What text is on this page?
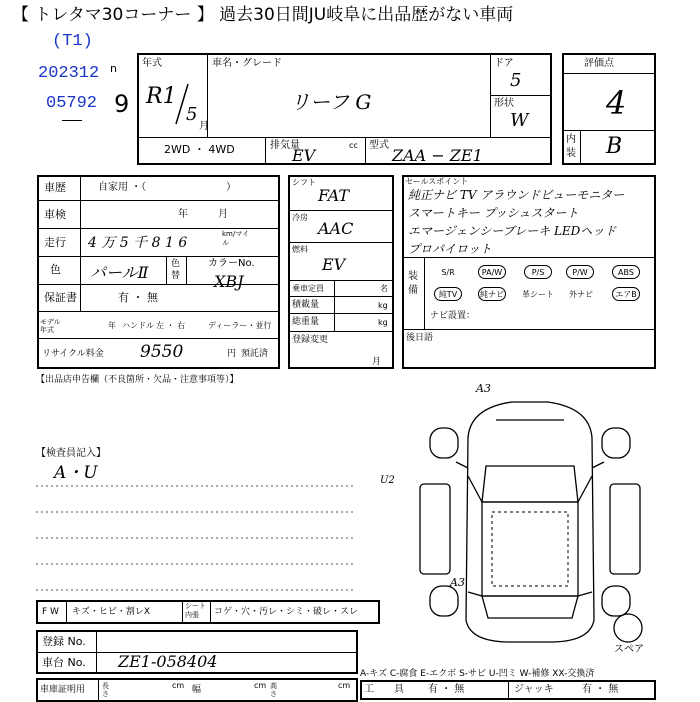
【 トレタマ30コーナー 】 過去30日間JU岐阜に出品歴がない車両
(T1)
202312 n
05792 9
年式
R1
5
月
車名・グレード
リーフ G
ドア
5
形状
W
2WD ・ 4WD	排気量	cc
EV
型式
ZAA − ZE1
評価点
4
内装 B
車歴	自家用 ・（　　　　　　　　）
車検	年　　　月
走行 4 万 5 千 8 1 6
km/マイル
色 パールⅡ 色替
カラーNo.
XBJ
保証書	有 ・ 無
モデル年式	年 ハンドル 左 ・ 右	ディーラー・並行
リサイクル料金 9550	円 預託済
シフト
FAT
冷房
AAC
燃料
EV
乗車定員	名
積載量	kg
総重量	kg
登録変更
月
セールスポイント
純正ナビ TV アラウンドビューモニター
スマートキー プッシュスタート
エマージェンシーブレーキ LEDヘッド
プロパイロット
装備
S/R	PA/W	P/S	P/W	ABS
純TV	純ナビ	革シート	外ナビ	エアB
ナビ設置：
後日語
【出品店申告欄（不良箇所・欠品・注意事項等）】
【検査員記入】
A・U
A3
U2
A3
スペア
F W キズ・ヒビ・割レX
シート内張	コゲ・穴・汚レ・シミ・破レ・スレ
登録 No.
車台 No. ZE1-058404
車庫証明用 長さ
cm 幅	cm 高さ
cm
A-キズ C-腐食 E-エクボ S-サビ U-凹ミ W-補修 XX-交換済
工　　具 有 ・ 無	ジャッキ	有 ・ 無
